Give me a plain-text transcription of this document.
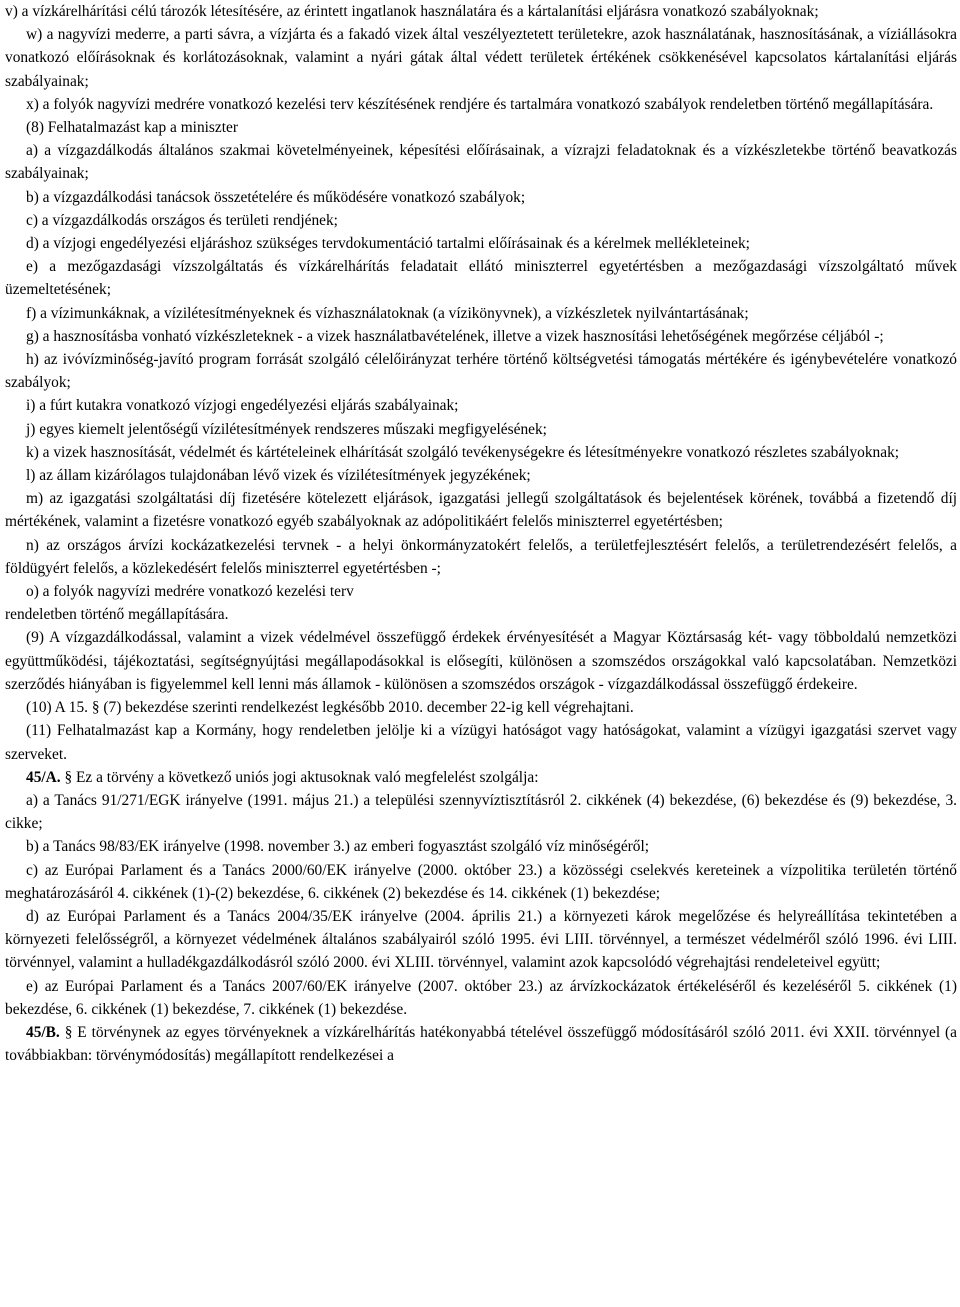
v) a vízkárelhárítási célú tározók létesítésére, az érintett ingatlanok használatára és a kártalanítási eljárásra vonatkozó szabályoknak;

w) a nagyvízi mederre, a parti sávra, a vízjárta és a fakadó vizek által veszélyeztetett területekre, azok használatának, hasznosításának, a víziállásokra vonatkozó előírásoknak és korlátozásoknak, valamint a nyári gátak által védett területek értékének csökkenésével kapcsolatos kártalanítási eljárás szabályainak;

x) a folyók nagyvízi medrére vonatkozó kezelési terv készítésének rendjére és tartalmára vonatkozó szabályok rendeletben történő megállapítására.

(8) Felhatalmazást kap a miniszter

a) a vízgazdálkodás általános szakmai követelményeinek, képesítési előírásainak, a vízrajzi feladatoknak és a vízkészletekbe történő beavatkozás szabályainak;

b) a vízgazdálkodási tanácsok összetételére és működésére vonatkozó szabályok;

c) a vízgazdálkodás országos és területi rendjének;

d) a vízjogi engedélyezési eljáráshoz szükséges tervdokumentáció tartalmi előírásainak és a kérelmek mellékleteinek;

e) a mezőgazdasági vízszolgáltatás és vízkárelhárítás feladatait ellátó miniszterrel egyetértésben a mezőgazdasági vízszolgáltató művek üzemeltetésének;

f) a vízimunkáknak, a vízilétesítményeknek és vízhasználatoknak (a vízikönyvnek), a vízkészletek nyilvántartásának;

g) a hasznosításba vonható vízkészleteknek - a vizek használatbavételének, illetve a vizek hasznosítási lehetőségének megőrzése céljából -;

h) az ivóvízminőség-javító program forrását szolgáló célelőirányzat terhére történő költségvetési támogatás mértékére és igénybevételére vonatkozó szabályok;

i) a fúrt kutakra vonatkozó vízjogi engedélyezési eljárás szabályainak;

j) egyes kiemelt jelentőségű vízilétesítmények rendszeres műszaki megfigyelésének;

k) a vizek hasznosítását, védelmét és kártételeinek elhárítását szolgáló tevékenységekre és létesítményekre vonatkozó részletes szabályoknak;

l) az állam kizárólagos tulajdonában lévő vizek és vízilétesítmények jegyzékének;

m) az igazgatási szolgáltatási díj fizetésére kötelezett eljárások, igazgatási jellegű szolgáltatások és bejelentések körének, továbbá a fizetendő díj mértékének, valamint a fizetésre vonatkozó egyéb szabályoknak az adópolitikáért felelős miniszterrel egyetértésben;

n) az országos árvízi kockázatkezelési tervnek - a helyi önkormányzatokért felelős, a területfejlesztésért felelős, a területrendezésért felelős, a földügyért felelős, a közlekedésért felelős miniszterrel egyetértésben -;

o) a folyók nagyvízi medrére vonatkozó kezelési terv

rendeletben történő megállapítására.

(9) A vízgazdálkodással, valamint a vizek védelmével összefüggő érdekek érvényesítését a Magyar Köztársaság két- vagy többoldalú nemzetközi együttműködési, tájékoztatási, segítségnyújtási megállapodásokkal is elősegíti, különösen a szomszédos országokkal való kapcsolatában. Nemzetközi szerződés hiányában is figyelemmel kell lenni más államok - különösen a szomszédos országok - vízgazdálkodással összefüggő érdekeire.

(10) A 15. § (7) bekezdése szerinti rendelkezést legkésőbb 2010. december 22-ig kell végrehajtani.

(11) Felhatalmazást kap a Kormány, hogy rendeletben jelölje ki a vízügyi hatóságot vagy hatóságokat, valamint a vízügyi igazgatási szervet vagy szerveket.

45/A. § Ez a törvény a következő uniós jogi aktusoknak való megfelelést szolgálja:

a) a Tanács 91/271/EGK irányelve (1991. május 21.) a települési szennyvíztisztításról 2. cikkének (4) bekezdése, (6) bekezdése és (9) bekezdése, 3. cikke;

b) a Tanács 98/83/EK irányelve (1998. november 3.) az emberi fogyasztást szolgáló víz minőségéről;

c) az Európai Parlament és a Tanács 2000/60/EK irányelve (2000. október 23.) a közösségi cselekvés kereteinek a vízpolitika területén történő meghatározásáról 4. cikkének (1)-(2) bekezdése, 6. cikkének (2) bekezdése és 14. cikkének (1) bekezdése;

d) az Európai Parlament és a Tanács 2004/35/EK irányelve (2004. április 21.) a környezeti károk megelőzése és helyreállítása tekintetében a környezeti felelősségről, a környezet védelmének általános szabályairól szóló 1995. évi LIII. törvénnyel, a természet védelméről szóló 1996. évi LIII. törvénnyel, valamint a hulladékgazdálkodásról szóló 2000. évi XLIII. törvénnyel, valamint azok kapcsolódó végrehajtási rendeleteivel együtt;

e) az Európai Parlament és a Tanács 2007/60/EK irányelve (2007. október 23.) az árvízkockázatok értékeléséről és kezeléséről 5. cikkének (1) bekezdése, 6. cikkének (1) bekezdése, 7. cikkének (1) bekezdése.

45/B. § E törvénynek az egyes törvényeknek a vízkárelhárítás hatékonyabbá tételével összefüggő módosításáról szóló 2011. évi XXII. törvénnyel (a továbbiakban: törvénymódosítás) megállapított rendelkezései a
